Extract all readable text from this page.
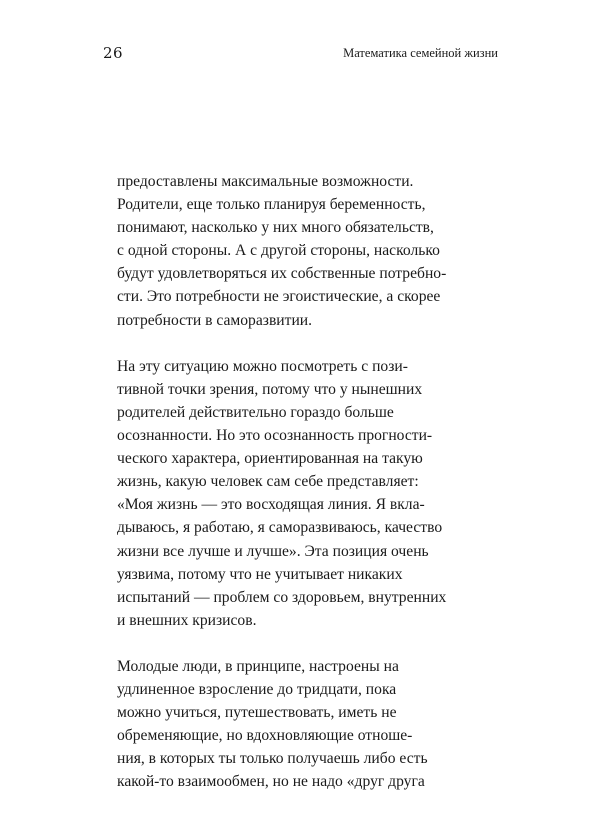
26	Математика семейной жизни

предоставлены максимальные возможности.
Родители, еще только планируя беременность,
понимают, насколько у них много обязательств,
с одной стороны. А с другой стороны, насколько
будут удовлетворяться их собственные потребно-
сти. Это потребности не эгоистические, а скорее
потребности в саморазвитии.

На эту ситуацию можно посмотреть с пози-
тивной точки зрения, потому что у нынешних
родителей действительно гораздо больше
осознанности. Но это осознанность прогности-
ческого характера, ориентированная на такую
жизнь, какую человек сам себе представляет:
«Моя жизнь — это восходящая линия. Я вкла-
дываюсь, я работаю, я саморазвиваюсь, качество
жизни все лучше и лучше». Эта позиция очень
уязвима, потому что не учитывает никаких
испытаний — проблем со здоровьем, внутренних
и внешних кризисов.

Молодые люди, в принципе, настроены на
удлиненное взросление до тридцати, пока
можно учиться, путешествовать, иметь не
обременяющие, но вдохновляющие отноше-
ния, в которых ты только получаешь либо есть
какой-то взаимообмен, но не надо «друг друга
